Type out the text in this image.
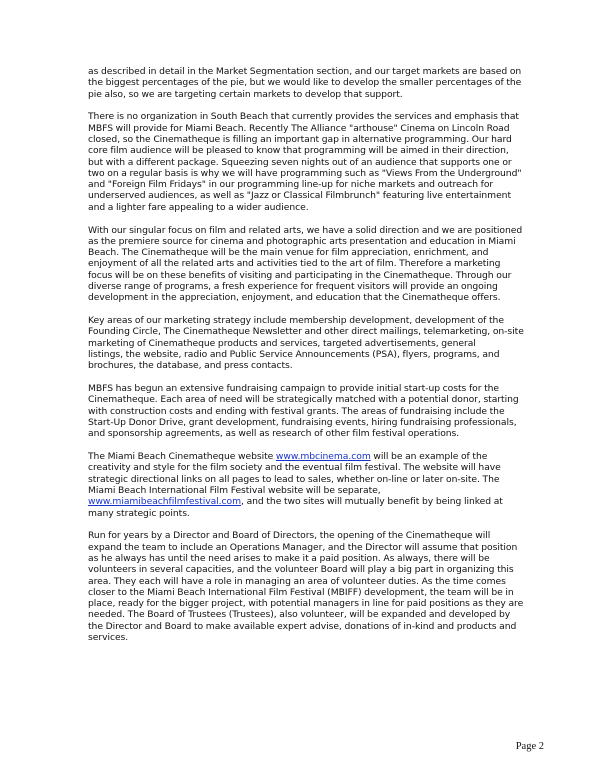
as described in detail in the Market Segmentation section, and our target markets are based on
the biggest percentages of the pie, but we would like to develop the smaller percentages of the
pie also, so we are targeting certain markets to develop that support.

There is no organization in South Beach that currently provides the services and emphasis that
MBFS will provide for Miami Beach. Recently The Alliance "arthouse" Cinema on Lincoln Road
closed, so the Cinematheque is filling an important gap in alternative programming. Our hard
core film audience will be pleased to know that programming will be aimed in their direction,
but with a different package. Squeezing seven nights out of an audience that supports one or
two on a regular basis is why we will have programming such as "Views From the Underground"
and "Foreign Film Fridays" in our programming line-up for niche markets and outreach for
underserved audiences, as well as "Jazz or Classical Filmbrunch" featuring live entertainment
and a lighter fare appealing to a wider audience.

With our singular focus on film and related arts, we have a solid direction and we are positioned
as the premiere source for cinema and photographic arts presentation and education in Miami
Beach. The Cinematheque will be the main venue for film appreciation, enrichment, and
enjoyment of all the related arts and activities tied to the art of film. Therefore a marketing
focus will be on these benefits of visiting and participating in the Cinematheque. Through our
diverse range of programs, a fresh experience for frequent visitors will provide an ongoing
development in the appreciation, enjoyment, and education that the Cinematheque offers.

Key areas of our marketing strategy include membership development, development of the
Founding Circle, The Cinematheque Newsletter and other direct mailings, telemarketing, on-site
marketing of Cinematheque products and services, targeted advertisements, general
listings, the website, radio and Public Service Announcements (PSA), flyers, programs, and
brochures, the database, and press contacts.

MBFS has begun an extensive fundraising campaign to provide initial start-up costs for the
Cinematheque. Each area of need will be strategically matched with a potential donor, starting
with construction costs and ending with festival grants. The areas of fundraising include the
Start-Up Donor Drive, grant development, fundraising events, hiring fundraising professionals,
and sponsorship agreements, as well as research of other film festival operations.

The Miami Beach Cinematheque website www.mbcinema.com will be an example of the
creativity and style for the film society and the eventual film festival. The website will have
strategic directional links on all pages to lead to sales, whether on-line or later on-site. The
Miami Beach International Film Festival website will be separate,
www.miamibeachfilmfestival.com, and the two sites will mutually benefit by being linked at
many strategic points.

Run for years by a Director and Board of Directors, the opening of the Cinematheque will
expand the team to include an Operations Manager, and the Director will assume that position
as he always has until the need arises to make it a paid position. As always, there will be
volunteers in several capacities, and the volunteer Board will play a big part in organizing this
area. They each will have a role in managing an area of volunteer duties. As the time comes
closer to the Miami Beach International Film Festival (MBIFF) development, the team will be in
place, ready for the bigger project, with potential managers in line for paid positions as they are
needed. The Board of Trustees (Trustees), also volunteer, will be expanded and developed by
the Director and Board to make available expert advise, donations of in-kind and products and
services.

Page 2
